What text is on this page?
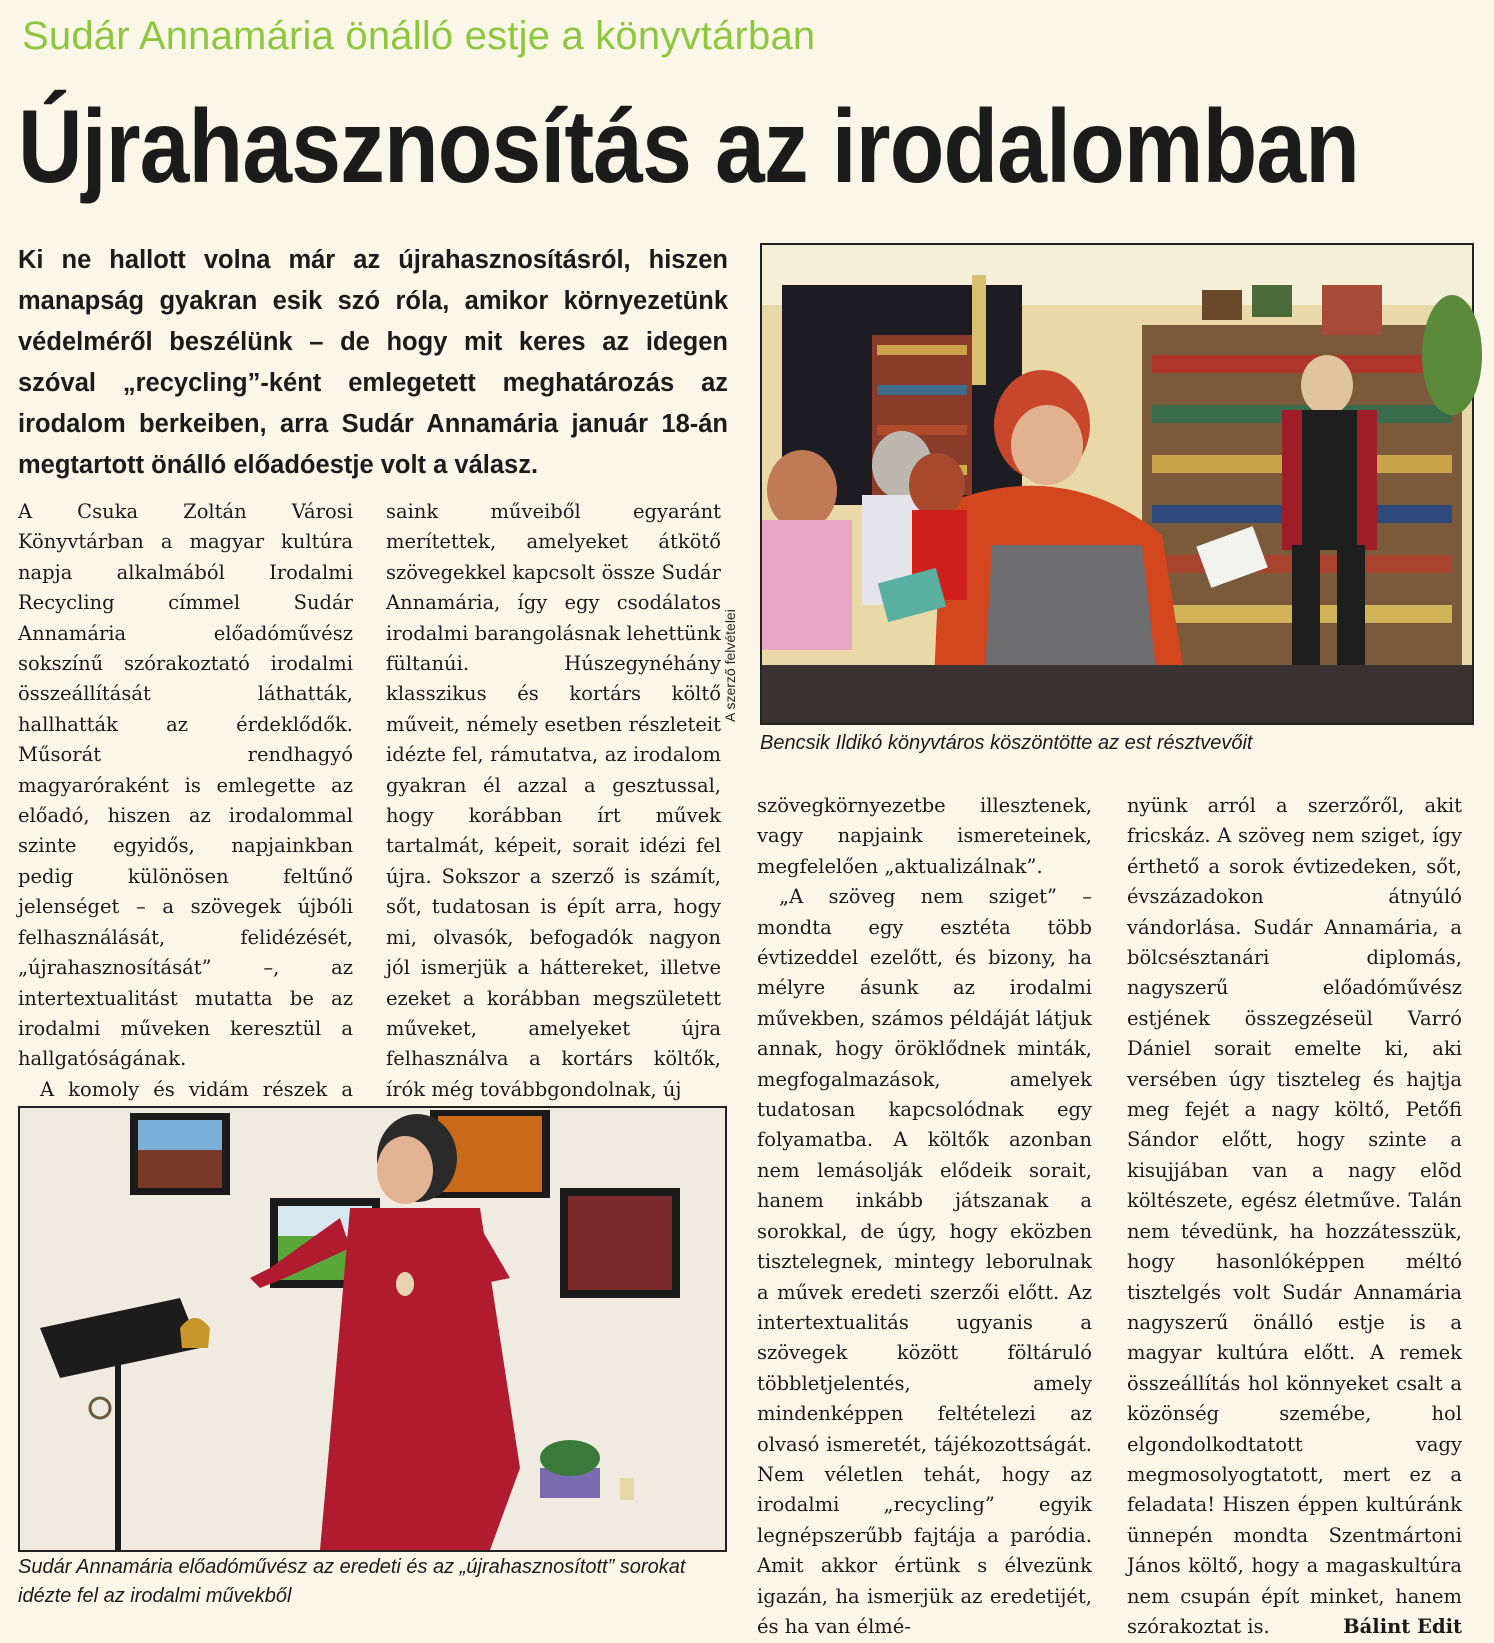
Sudár Annamária önálló estje a könyvtárban
Újrahasznosítás az irodalomban
Ki ne hallott volna már az újrahasznosításról, hiszen manapság gyakran esik szó róla, amikor környezetünk védelméről beszélünk – de hogy mit keres az idegen szóval „recycling”-ként emlegetett meghatározás az irodalom berkeiben, arra Sudár Annamária január 18-án megtartott önálló előadóestje volt a válasz.

A Csuka Zoltán Városi Könyvtárban a magyar kultúra napja alkalmából Irodalmi Recycling címmel Sudár Annamária előadóművész sokszínű szórakoztató irodalmi összeállítását láthatták, hallhatták az érdeklődők. Műsorát rendhagyó magyaróraként is emlegette az előadó, hiszen az irodalommal szinte egyidős, napjainkban pedig különösen feltűnő jelenséget – a szövegek újbóli felhasználását, felidézését, „újrahasznosítását” –, az intertextualitást mutatta be az irodalmi műveken keresztül a hallgatóságának.

A komoly és vidám részek a

saink műveiből egyaránt merítettek, amelyeket átkötő szövegekkel kapcsolt össze Sudár Annamária, így egy csodálatos irodalmi barangolásnak lehettünk fültanúi. Húszegynéhány klasszikus és kortárs költő műveit, némely esetben részleteit idézte fel, rámutatva, az irodalom gyakran él azzal a gesztussal, hogy korábban írt művek tartalmát, képeit, sorait idézi fel újra. Sokszor a szerző is számít, sőt, tudatosan is épít arra, hogy mi, olvasók, befogadók nagyon jól ismerjük a háttereket, illetve ezeket a korábban megszületett műveket, amelyeket újra felhasználva a kortárs költők, írók még továbbgondolnak, új

szövegkörnyezetbe illesztenek, vagy napjaink ismereteinek, megfelelően „aktualizálnak”.

„A szöveg nem sziget” – mondta egy esztéta több évtizeddel ezelőtt, és bizony, ha mélyre ásunk az irodalmi művekben, számos példáját látjuk annak, hogy öröklődnek minták, megfogalmazások, amelyek tudatosan kapcsolódnak egy folyamatba. A költők azonban nem lemásolják elődeik sorait, hanem inkább játszanak a sorokkal, de úgy, hogy eközben tisztelegnek, mintegy leborulnak a művek eredeti szerzői előtt. Az intertextualitás ugyanis a szövegek között föltáruló többletjelentés, amely mindenképpen feltételezi az olvasó ismeretét, tájékozottságát. Nem véletlen tehát, hogy az irodalmi „recycling” egyik legnépszerűbb fajtája a paródia. Amit akkor értünk s élvezünk igazán, ha ismerjük az eredetijét, és ha van élmé-

nyünk arról a szerzőről, akit fricskáz. A szöveg nem sziget, így érthető a sorok évtizedeken, sőt, évszázadokon átnyúló vándorlása. Sudár Annamária, a bölcsésztanári diplomás, nagyszerű előadóművész estjének összegzéseül Varró Dániel sorait emelte ki, aki versében úgy tiszteleg és hajtja meg fejét a nagy költő, Petőfi Sándor előtt, hogy szinte a kisujjában van a nagy elõd költészete, egész életműve. Talán nem tévedünk, ha hozzátesszük, hogy hasonlóképpen méltó tisztelgés volt Sudár Annamária nagyszerű önálló estje is a magyar kultúra előtt. A remek összeállítás hol könnyeket csalt a közönség szemébe, hol elgondolkodtatott vagy megmosolyogtatott, mert ez a feladata! Hiszen éppen kultúránk ünnepén mondta Szentmártoni János költő, hogy a magaskultúra nem csupán épít minket, hanem szórakoztat is.	Bálint Edit
A szerző felvételei
Bencsik Ildikó könyvtáros köszöntötte az est résztvevőit
Sudár Annamária előadóművész az eredeti és az „újrahasznosított” sorokat idézte fel az irodalmi művekből
